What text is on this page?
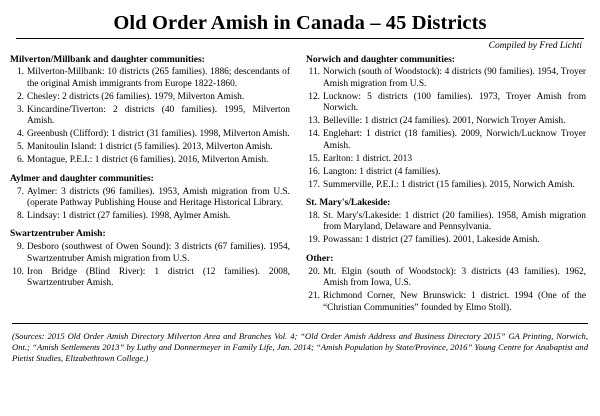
Old Order Amish in Canada – 45 Districts
Compiled by Fred Lichti
Milverton/Millbank and daughter communities:
1. Milverton-Millbank: 10 districts (265 families). 1886; descendants of the original Amish immigrants from Europe 1822-1860.
2. Chesley: 2 districts (26 families). 1979, Milverton Amish.
3. Kincardine/Tiverton: 2 districts (40 families). 1995, Milverton Amish.
4. Greenbush (Clifford): 1 district (31 families). 1998, Milverton Amish.
5. Manitoulin Island: 1 district (5 families). 2013, Milverton Amish.
6. Montague, P.E.I.: 1 district (6 families). 2016, Milverton Amish.
Aylmer and daughter communities:
7. Aylmer: 3 districts (96 families). 1953, Amish migration from U.S. (operate Pathway Publishing House and Heritage Historical Library.
8. Lindsay: 1 district (27 families). 1998, Aylmer Amish.
Swartzentruber Amish:
9. Desboro (southwest of Owen Sound): 3 districts (67 families). 1954, Swartzentruber Amish migration from U.S.
10. Iron Bridge (Blind River): 1 district (12 families). 2008, Swartzentruber Amish.
Norwich and daughter communities:
11. Norwich (south of Woodstock): 4 districts (90 families). 1954, Troyer Amish migration from U.S.
12. Lucknow: 5 districts (100 families). 1973, Troyer Amish from Norwich.
13. Belleville: 1 district (24 families). 2001, Norwich Troyer Amish.
14. Englehart: 1 district (18 families). 2009, Norwich/Lucknow Troyer Amish.
15. Earlton: 1 district. 2013
16. Langton: 1 district (4 families).
17. Summerville, P.E.I.: 1 district (15 families). 2015, Norwich Amish.
St. Mary's/Lakeside:
18. St. Mary's/Lakeside: 1 district (20 families). 1958, Amish migration from Maryland, Delaware and Pennsylvania.
19. Powassan: 1 district (27 families). 2001, Lakeside Amish.
Other:
20. Mt. Elgin (south of Woodstock): 3 districts (43 families). 1962, Amish from Iowa, U.S.
21. Richmond Corner, New Brunswick: 1 district. 1994 (One of the “Christian Communities” founded by Elmo Stoll).
(Sources: 2015 Old Order Amish Directory Milverton Area and Branches Vol. 4; “Old Order Amish Address and Business Directory 2015” GA Printing, Norwich, Ont.; “Amish Settlements 2013” by Luthy and Donnermeyer in Family Life, Jan. 2014; “Amish Population by State/Province, 2016” Young Centre for Anabaptist and Pietist Studies, Elizabethtown College.)
